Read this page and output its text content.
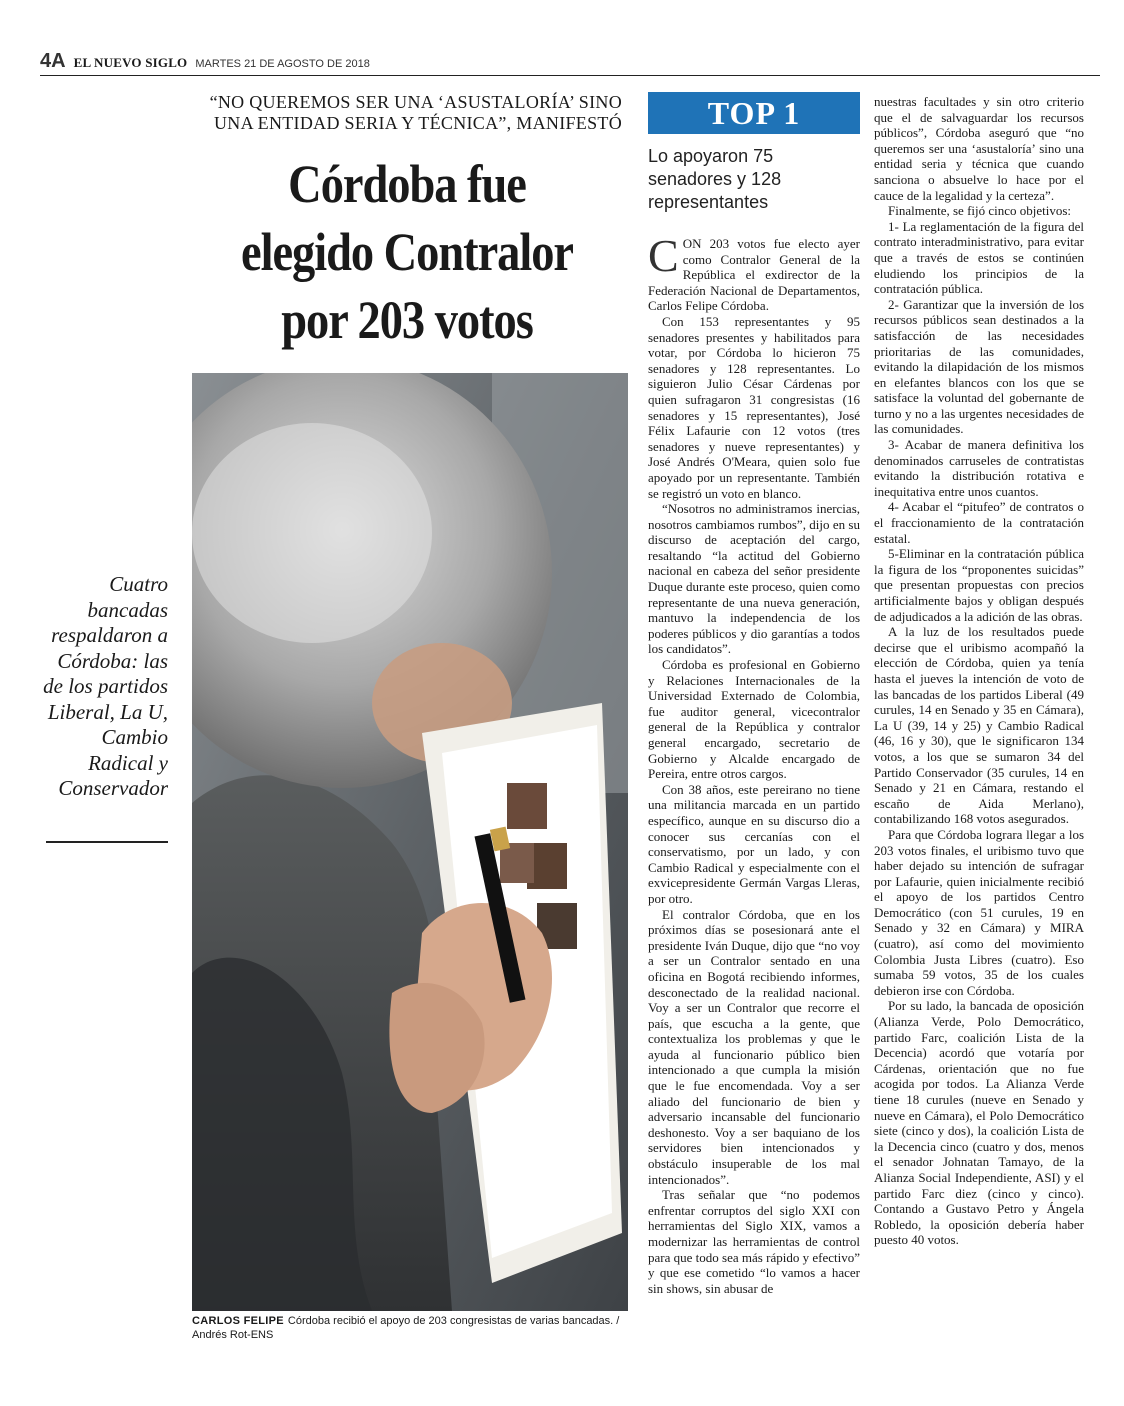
4A EL NUEVO SIGLO MARTES 21 DE AGOSTO DE 2018
“NO QUEREMOS SER UNA ‘ASUSTALORÍA’ SINO UNA ENTIDAD SERIA Y TÉCNICA”, MANIFESTÓ
Córdoba fue elegido Contralor por 203 votos
Cuatro bancadas respaldaron a Córdoba: las de los partidos Liberal, La U, Cambio Radical y Conservador
CARLOS FELIPE Córdoba recibió el apoyo de 203 congresistas de varias bancadas. / Andrés Rot-ENS
TOP 1
Lo apoyaron 75 senadores y 128 representantes

CON 203 votos fue electo ayer como Contralor General de la República el exdirector de la Federación Nacional de Departamentos, Carlos Felipe Córdoba.

Con 153 representantes y 95 senadores presentes y habilitados para votar, por Córdoba lo hicieron 75 senadores y 128 representantes. Lo siguieron Julio César Cárdenas por quien sufragaron 31 congresistas (16 senadores y 15 representantes), José Félix Lafaurie con 12 votos (tres senadores y nueve representantes) y José Andrés O'Meara, quien solo fue apoyado por un representante. También se registró un voto en blanco.

“Nosotros no administramos inercias, nosotros cambiamos rumbos”, dijo en su discurso de aceptación del cargo, resaltando “la actitud del Gobierno nacional en cabeza del señor presidente Duque durante este proceso, quien como representante de una nueva generación, mantuvo la independencia de los poderes públicos y dio garantías a todos los candidatos”.

Córdoba es profesional en Gobierno y Relaciones Internacionales de la Universidad Externado de Colombia, fue auditor general, vicecontralor general de la República y contralor general encargado, secretario de Gobierno y Alcalde encargado de Pereira, entre otros cargos.

Con 38 años, este pereirano no tiene una militancia marcada en un partido específico, aunque en su discurso dio a conocer sus cercanías con el conservatismo, por un lado, y con Cambio Radical y especialmente con el exvicepresidente Germán Vargas Lleras, por otro.

El contralor Córdoba, que en los próximos días se posesionará ante el presidente Iván Duque, dijo que “no voy a ser un Contralor sentado en una oficina en Bogotá recibiendo informes, desconectado de la realidad nacional. Voy a ser un Contralor que recorre el país, que escucha a la gente, que contextualiza los problemas y que le ayuda al funcionario público bien intencionado a que cumpla la misión que le fue encomendada. Voy a ser aliado del funcionario de bien y adversario incansable del funcionario deshonesto. Voy a ser baquiano de los servidores bien intencionados y obstáculo insuperable de los mal intencionados”.

Tras señalar que “no podemos enfrentar corruptos del siglo XXI con herramientas del Siglo XIX, vamos a modernizar las herramientas de control para que todo sea más rápido y efectivo” y que ese cometido “lo vamos a hacer sin shows, sin abusar de

nuestras facultades y sin otro criterio que el de salvaguardar los recursos públicos”, Córdoba aseguró que “no queremos ser una ‘asustaloría’ sino una entidad seria y técnica que cuando sanciona o absuelve lo hace por el cauce de la legalidad y la certeza”.

Finalmente, se fijó cinco objetivos:

1- La reglamentación de la figura del contrato interadministrativo, para evitar que a través de estos se continúen eludiendo los principios de la contratación pública.

2- Garantizar que la inversión de los recursos públicos sean destinados a la satisfacción de las necesidades prioritarias de las comunidades, evitando la dilapidación de los mismos en elefantes blancos con los que se satisface la voluntad del gobernante de turno y no a las urgentes necesidades de las comunidades.

3- Acabar de manera definitiva los denominados carruseles de contratistas evitando la distribución rotativa e inequitativa entre unos cuantos.

4- Acabar el “pitufeo” de contratos o el fraccionamiento de la contratación estatal.

5-Eliminar en la contratación pública la figura de los “proponentes suicidas” que presentan propuestas con precios artificialmente bajos y obligan después de adjudicados a la adición de las obras.

A la luz de los resultados puede decirse que el uribismo acompañó la elección de Córdoba, quien ya tenía hasta el jueves la intención de voto de las bancadas de los partidos Liberal (49 curules, 14 en Senado y 35 en Cámara), La U (39, 14 y 25) y Cambio Radical (46, 16 y 30), que le significaron 134 votos, a los que se sumaron 34 del Partido Conservador (35 curules, 14 en Senado y 21 en Cámara, restando el escaño de Aida Merlano), contabilizando 168 votos asegurados.

Para que Córdoba lograra llegar a los 203 votos finales, el uribismo tuvo que haber dejado su intención de sufragar por Lafaurie, quien inicialmente recibió el apoyo de los partidos Centro Democrático (con 51 curules, 19 en Senado y 32 en Cámara) y MIRA (cuatro), así como del movimiento Colombia Justa Libres (cuatro). Eso sumaba 59 votos, 35 de los cuales debieron irse con Córdoba.

Por su lado, la bancada de oposición (Alianza Verde, Polo Democrático, partido Farc, coalición Lista de la Decencia) acordó que votaría por Cárdenas, orientación que no fue acogida por todos. La Alianza Verde tiene 18 curules (nueve en Senado y nueve en Cámara), el Polo Democrático siete (cinco y dos), la coalición Lista de la Decencia cinco (cuatro y dos, menos el senador Johnatan Tamayo, de la Alianza Social Independiente, ASI) y el partido Farc diez (cinco y cinco). Contando a Gustavo Petro y Ángela Robledo, la oposición debería haber puesto 40 votos.
